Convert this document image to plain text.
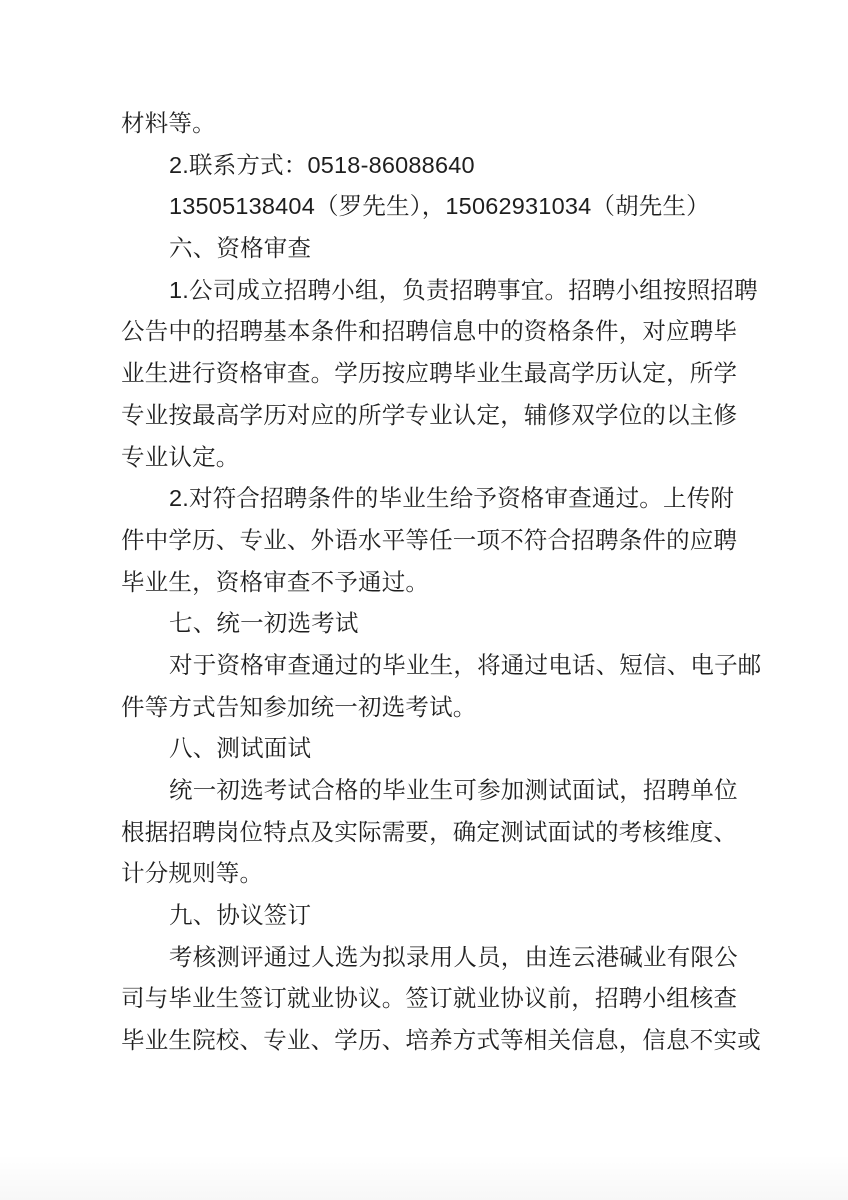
材料等。
2.联系方式：0518-86088640
13505138404（罗先生），15062931034（胡先生）
六、资格审查
1.公司成立招聘小组，负责招聘事宜。招聘小组按照招聘
公告中的招聘基本条件和招聘信息中的资格条件，对应聘毕
业生进行资格审查。学历按应聘毕业生最高学历认定，所学
专业按最高学历对应的所学专业认定，辅修双学位的以主修
专业认定。
2.对符合招聘条件的毕业生给予资格审查通过。上传附
件中学历、专业、外语水平等任一项不符合招聘条件的应聘
毕业生，资格审查不予通过。
七、统一初选考试
对于资格审查通过的毕业生，将通过电话、短信、电子邮
件等方式告知参加统一初选考试。
八、测试面试
统一初选考试合格的毕业生可参加测试面试，招聘单位
根据招聘岗位特点及实际需要，确定测试面试的考核维度、
计分规则等。
九、协议签订
考核测评通过人选为拟录用人员，由连云港碱业有限公
司与毕业生签订就业协议。签订就业协议前，招聘小组核查
毕业生院校、专业、学历、培养方式等相关信息，信息不实或
